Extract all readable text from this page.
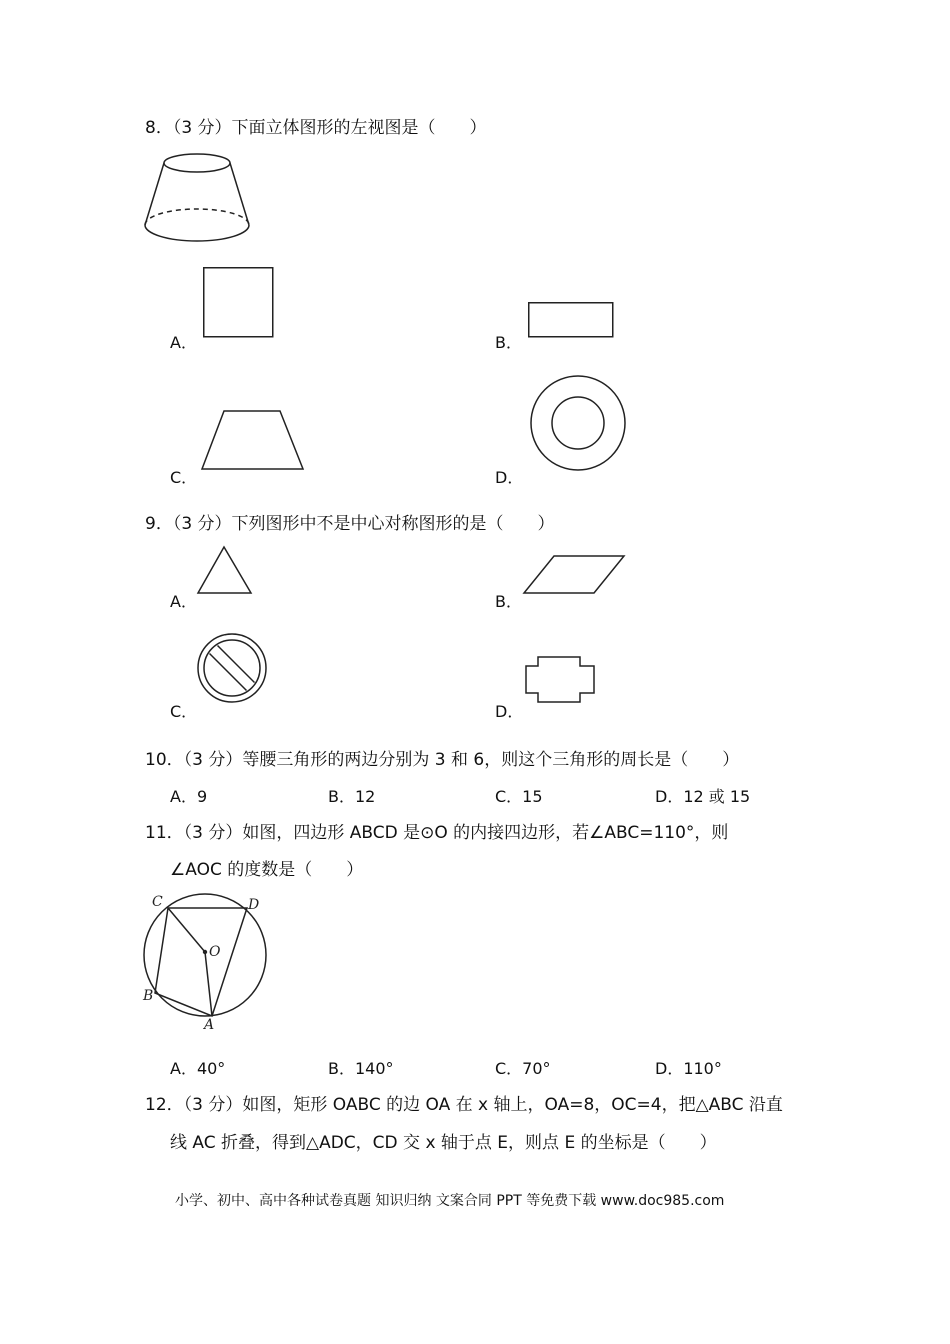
8．（3 分）下面立体图形的左视图是（　　）
A．	B．
C．	D．
9．（3 分）下列图形中不是中心对称图形的是（　　）
A．	B．
C．	D．
10．（3 分）等腰三角形的两边分别为 3 和 6，则这个三角形的周长是（　　）
A．9	B．12	C．15	D．12 或 15
11．（3 分）如图，四边形 ABCD 是⊙O 的内接四边形，若∠ABC=110°，则
∠AOC 的度数是（　　）
C	D
O
B
A
A．40°	B．140°	C．70°	D．110°
12．（3 分）如图，矩形 OABC 的边 OA 在 x 轴上，OA=8，OC=4，把△ABC 沿直
线 AC 折叠，得到△ADC，CD 交 x 轴于点 E，则点 E 的坐标是（　　）
小学、初中、高中各种试卷真题 知识归纳 文案合同 PPT 等免费下载 www.doc985.com
